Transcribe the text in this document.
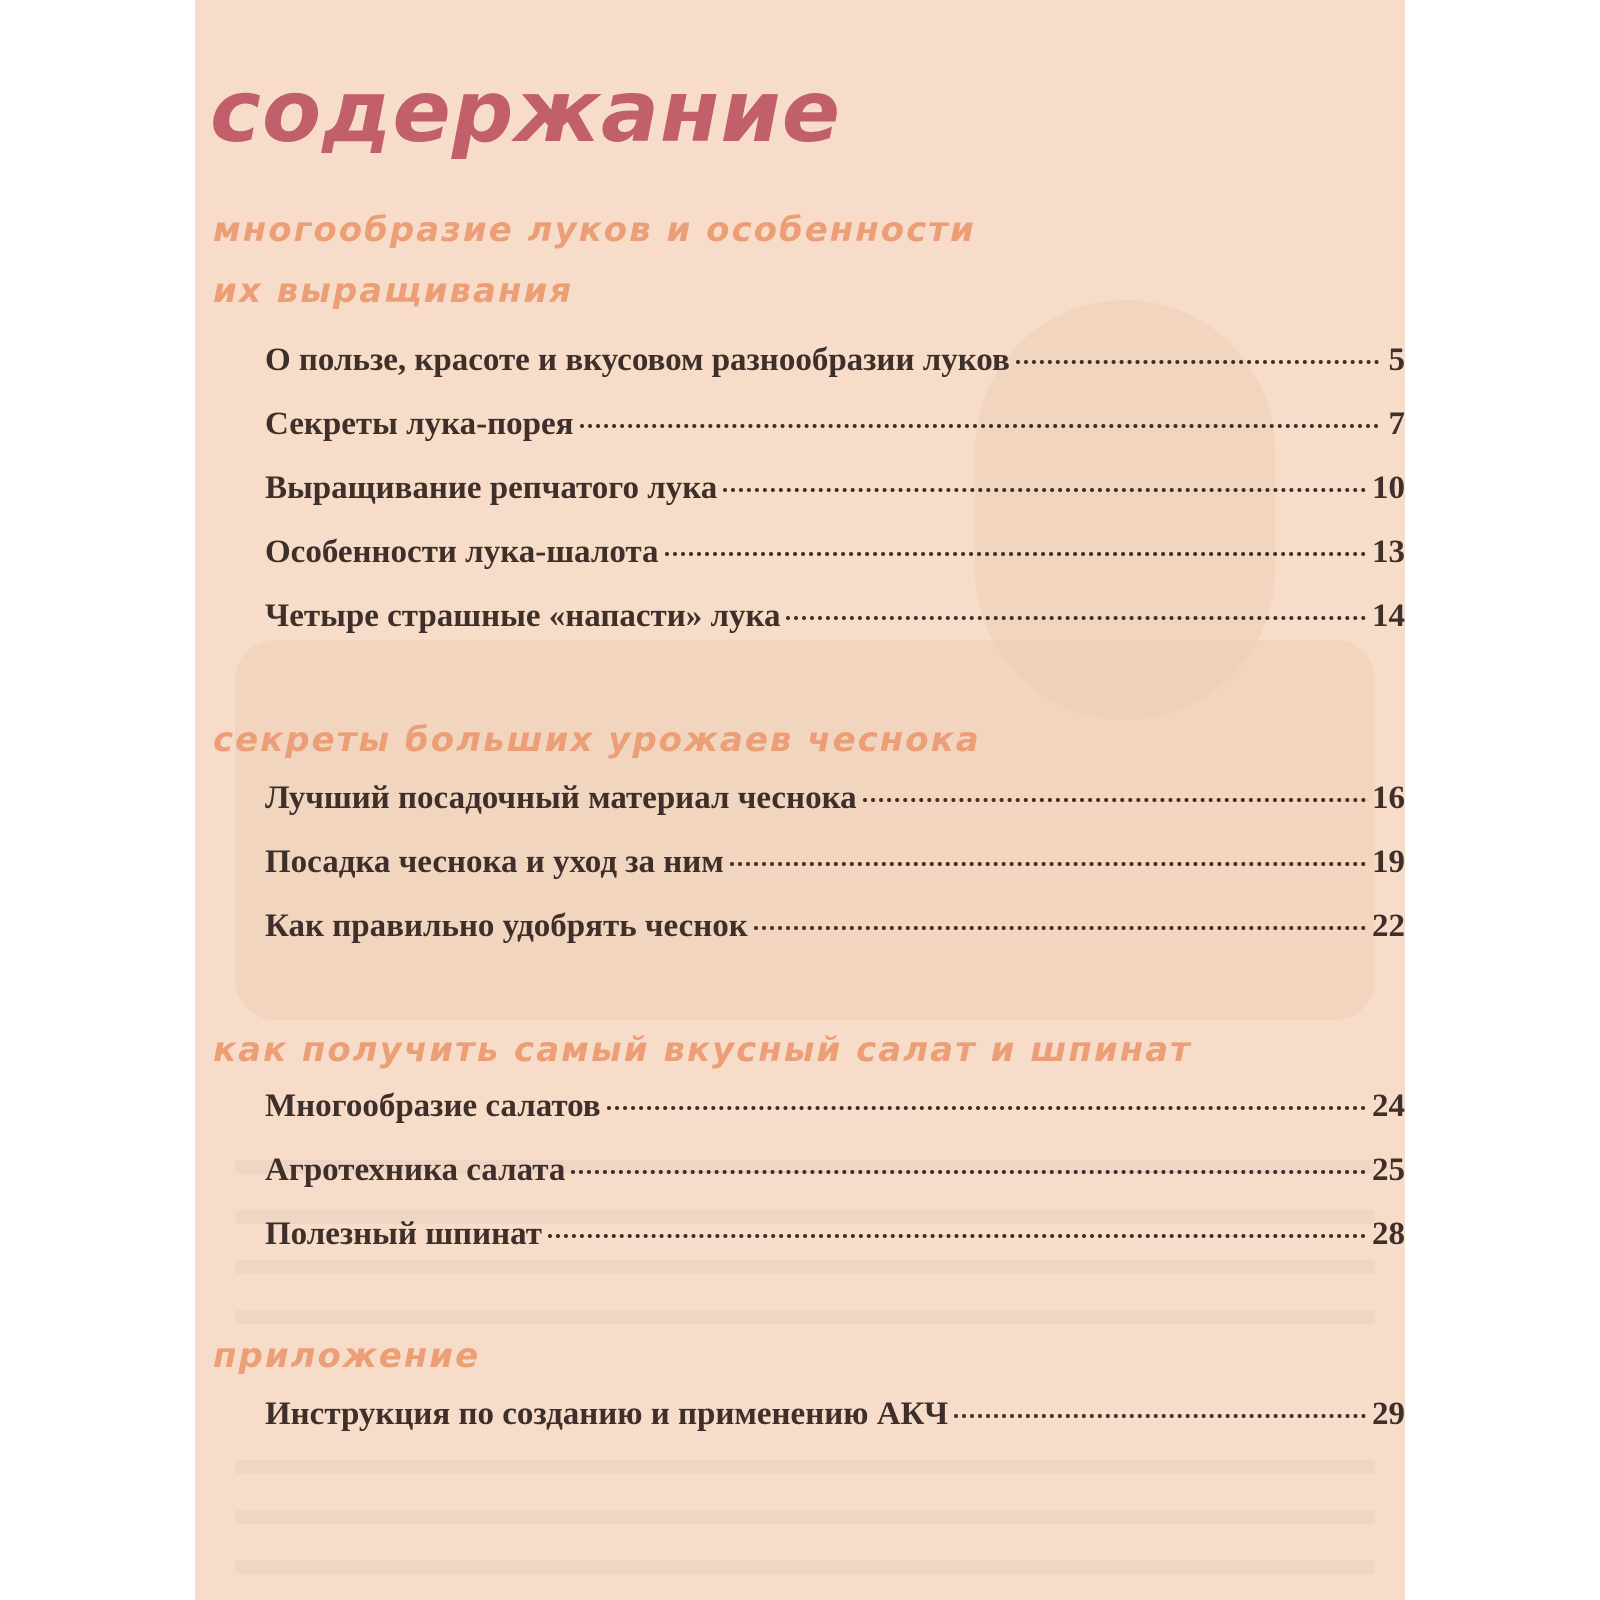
содержание
многообразие луков и особенности
их выращивания
О пользе, красоте и вкусовом разнообразии луков	5
Секреты лука-порея	7
Выращивание репчатого лука	10
Особенности лука-шалота	13
Четыре страшные «напасти» лука	14
секреты больших урожаев чеснока
Лучший посадочный материал чеснока	16
Посадка чеснока и уход за ним	19
Как правильно удобрять чеснок	22
как получить самый вкусный салат и шпинат
Многообразие салатов	24
Агротехника салата	25
Полезный шпинат	28
приложение
Инструкция по созданию и применению АКЧ	29
